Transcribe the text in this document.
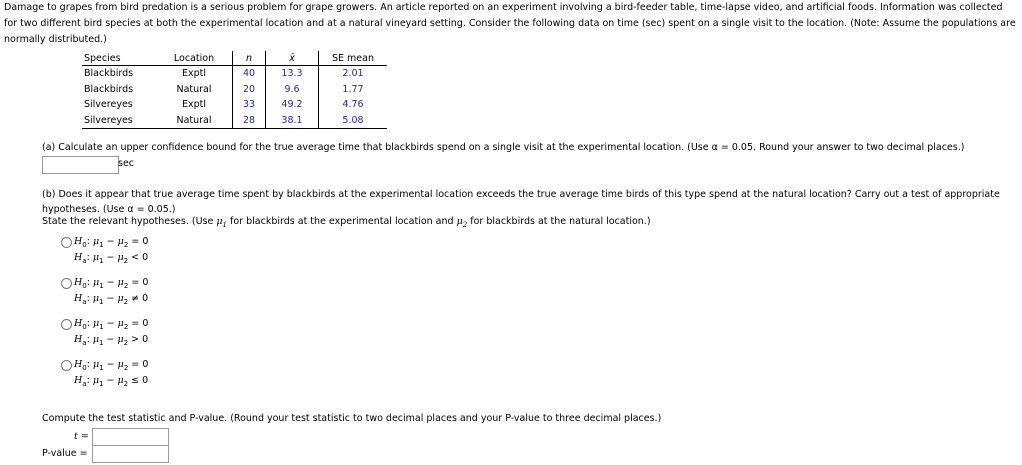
Damage to grapes from bird predation is a serious problem for grape growers. An article reported on an experiment involving a bird-feeder table, time-lapse video, and artificial foods. Information was collected for two different bird species at both the experimental location and at a natural vineyard setting. Consider the following data on time (sec) spent on a single visit to the location. (Note: Assume the populations are normally distributed.)
Species	Location	n	x̄	SE mean
Blackbirds	Exptl	40	13.3	2.01
Blackbirds	Natural	20	9.6	1.77
Silvereyes	Exptl	33	49.2	4.76
Silvereyes	Natural	28	38.1	5.08
(a) Calculate an upper confidence bound for the true average time that blackbirds spend on a single visit at the experimental location. (Use α = 0.05. Round your answer to two decimal places.)
sec
(b) Does it appear that true average time spent by blackbirds at the experimental location exceeds the true average time birds of this type spend at the natural location? Carry out a test of appropriate hypotheses. (Use α = 0.05.)
State the relevant hypotheses. (Use $\mu_1$ for blackbirds at the experimental location and $\mu_2$ for blackbirds at the natural location.)
$H_0$: $\mu_1 - \mu_2 = 0$
$H_a$: $\mu_1 - \mu_2 < 0$
$H_0$: $\mu_1 - \mu_2 = 0$
$H_a$: $\mu_1 - \mu_2 \ne 0$
$H_0$: $\mu_1 - \mu_2 = 0$
$H_a$: $\mu_1 - \mu_2 > 0$
$H_0$: $\mu_1 - \mu_2 = 0$
$H_a$: $\mu_1 - \mu_2 \le 0$
Compute the test statistic and P-value. (Round your test statistic to two decimal places and your P-value to three decimal places.)
t =
P-value =
